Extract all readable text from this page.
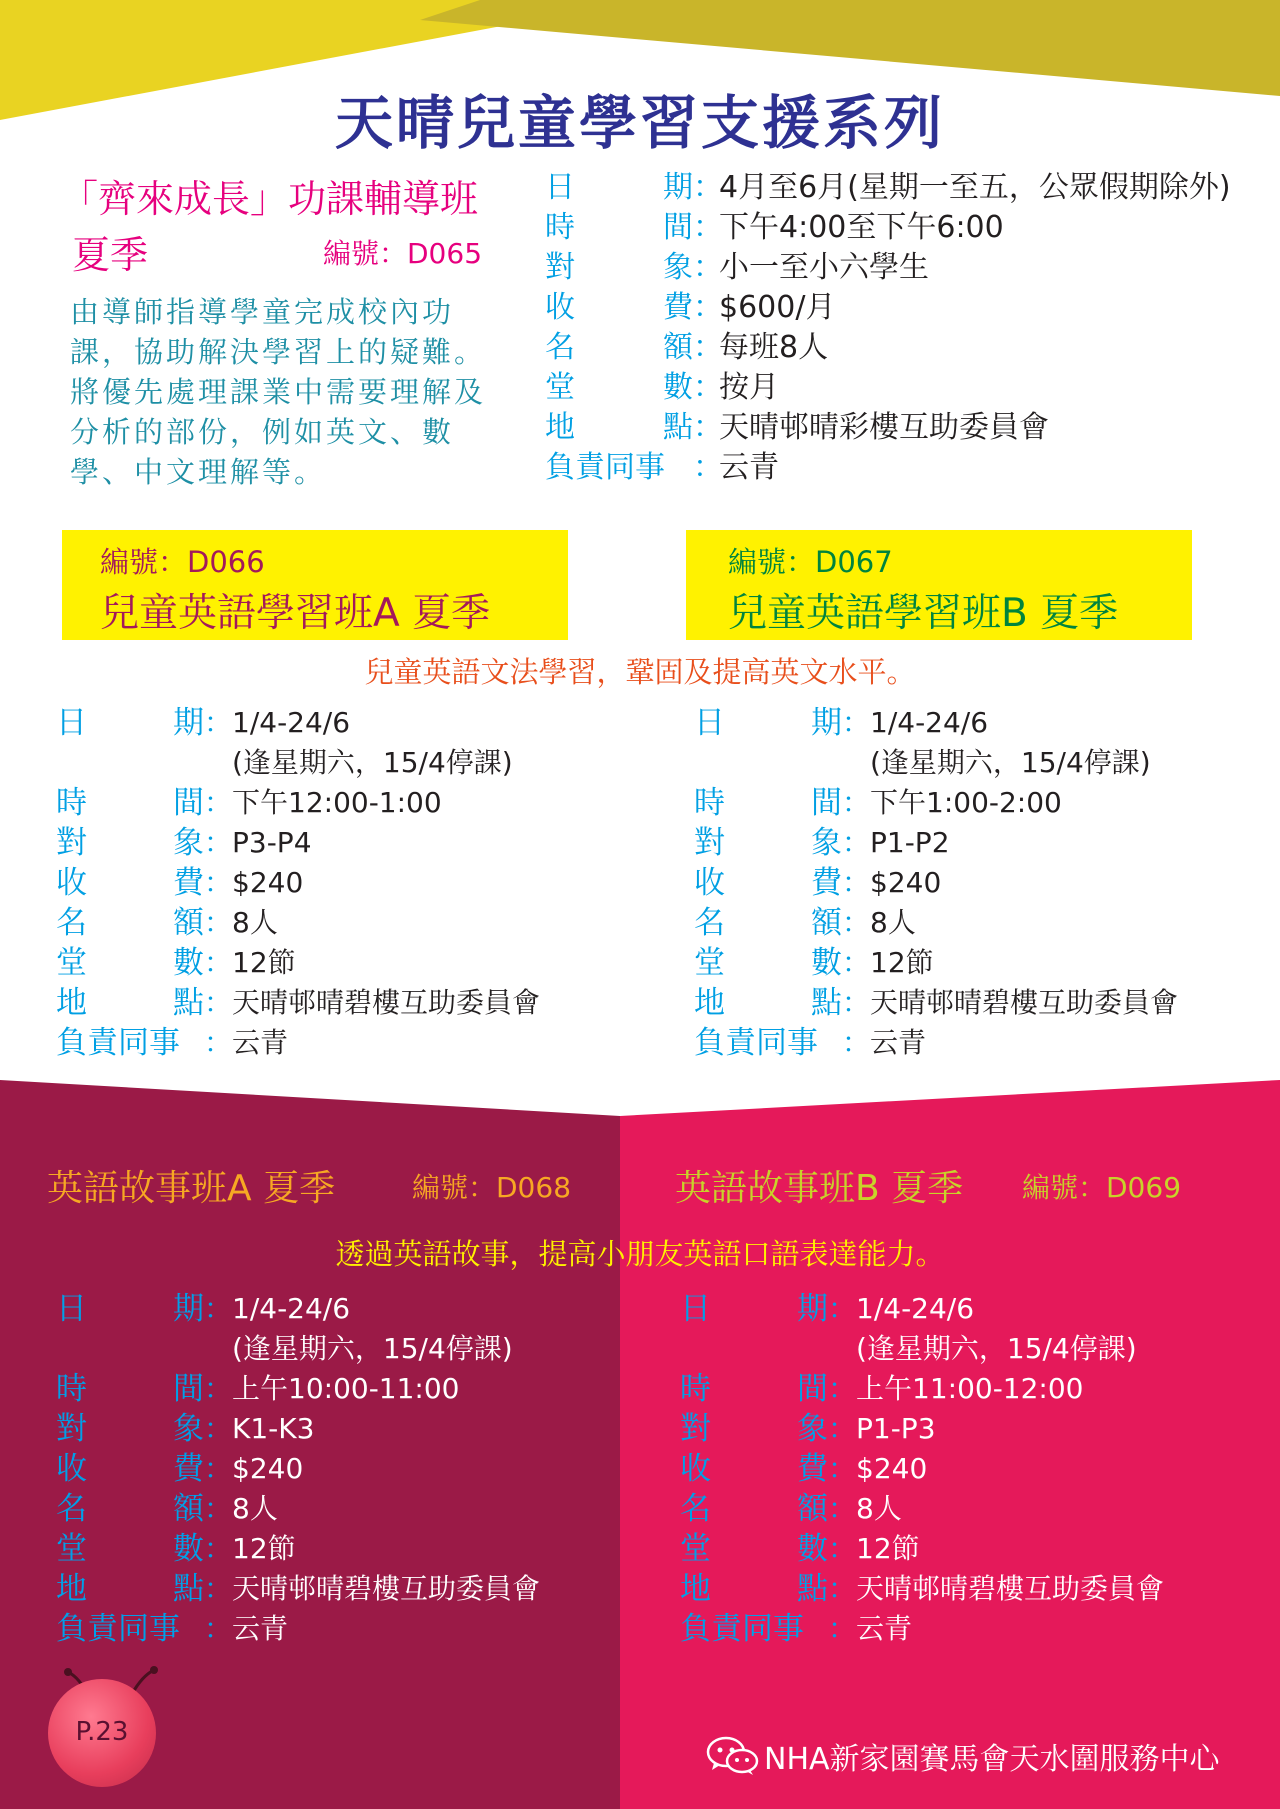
天晴兒童學習支援系列
「齊來成長」功課輔導班
夏季	編號：D065
由導師指導學童完成校內功課，協助解決學習上的疑難。將優先處理課業中需要理解及分析的部份，例如英文、數學、中文理解等。
日	期 ：
4月至6月(星期一至五，公眾假期除外)
時	間 ：
下午4:00至下午6:00
對	象 ：
小一至小六學生
收	費 ：
$600/月
名	額 ：
每班8人
堂	數 ：
按月
地	點 ：
天晴邨晴彩樓互助委員會
負責同事 ：
云青
編號：D066
兒童英語學習班A 夏季
編號：D067
兒童英語學習班B 夏季
兒童英語文法學習，鞏固及提高英文水平。
日	期 ： 1/4-24/6
(逢星期六，15/4停課)
時	間 ： 下午12:00-1:00
對	象 ： P3-P4
收	費 ： $240
名	額 ： 8人
堂	數 ： 12節
地	點 ： 天晴邨晴碧樓互助委員會
負責同事 ： 云青
日	期 ： 1/4-24/6
(逢星期六，15/4停課)
時	間 ： 下午1:00-2:00
對	象 ： P1-P2
收	費 ： $240
名	額 ： 8人
堂	數 ： 12節
地	點 ： 天晴邨晴碧樓互助委員會
負責同事 ： 云青
英語故事班A 夏季	編號：D068	英語故事班B 夏季 編號：D069
透過英語故事，提高小朋友英語口語表達能力。
日	期 ： 1/4-24/6
(逢星期六，15/4停課)
時	間 ： 上午10:00-11:00
對	象 ： K1-K3
收	費 ： $240
名	額 ： 8人
堂	數 ： 12節
地	點 ： 天晴邨晴碧樓互助委員會
負責同事 ： 云青
日	期 ： 1/4-24/6
(逢星期六，15/4停課)
時	間 ： 上午11:00-12:00
對	象 ： P1-P3
收	費 ： $240
名	額 ： 8人
堂	數 ： 12節
地	點 ： 天晴邨晴碧樓互助委員會
負責同事 ： 云青
P.23
NHA新家園賽馬會天水圍服務中心
